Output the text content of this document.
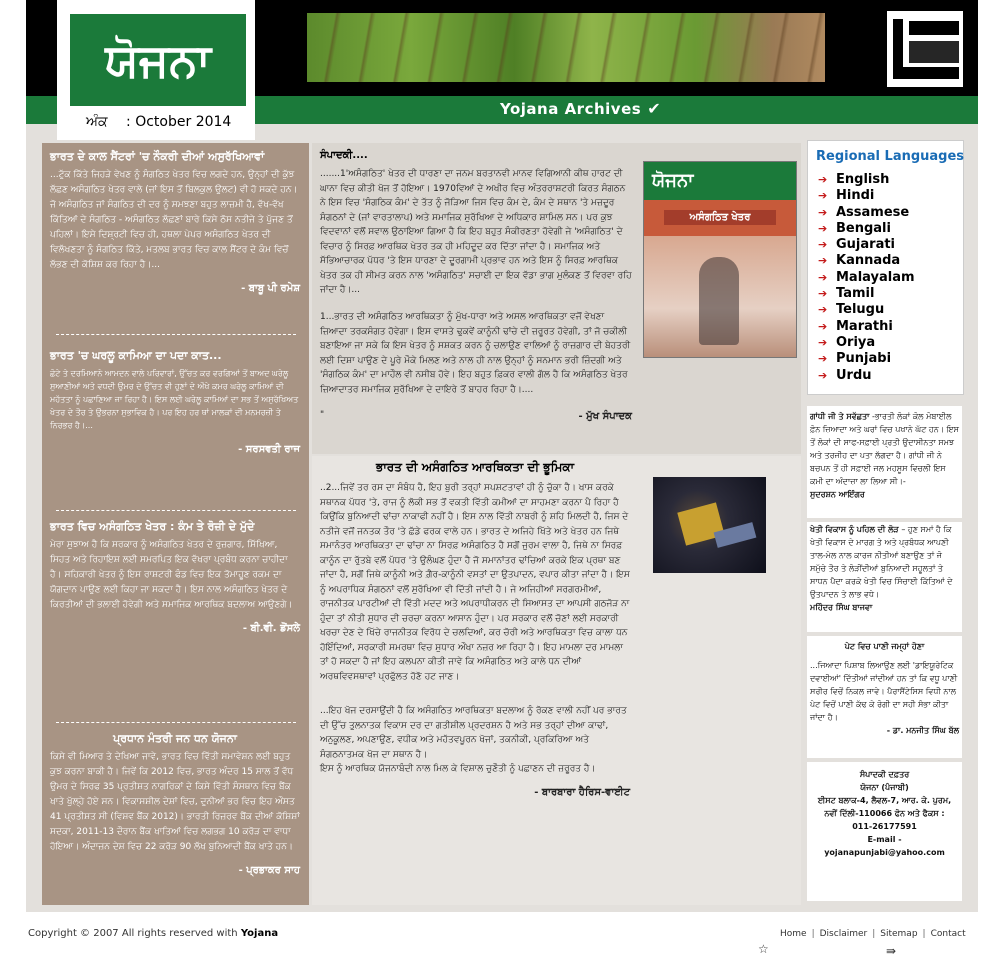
ਯੋਜਨਾ
ਅੰਕ : October 2014
Yojana Archives ✔
ਭਾਰਤ ਦੇ ਕਾਲ ਸੈਂਟਰਾਂ 'ਚ ਨੌਕਰੀ ਦੀਆਂ ਅਸੁਰੱਖਿਆਵਾਂ

...ਟੁੱਕ ਕਿੱਤੇ ਜਿਹੜੇ ਵੇਖਣ ਨੂੰ ਸੰਗਠਿਤ ਖੇਤਰ ਵਿਚ ਲਗਦੇ ਹਨ, ਉਨ੍ਹਾਂ ਦੀ ਕੁੱਝ ਲੱਛਣ ਅਸੰਗਠਿਤ ਖੇਤਰ ਵਾਲੇ (ਜਾਂ ਇਸ ਤੋਂ ਬਿਲਕੁਲ ਉਲਟ) ਵੀ ਹੋ ਸਕਦੇ ਹਨ। ਜੋ ਅਸੰਗਠਿਤ ਜਾਂ ਸੰਗਠਿਤ ਦੀ ਦਰ ਨੂੰ ਸਮਝਣਾ ਬਹੁਤ ਲਾਜ਼ਮੀ ਹੈ, ਵੱਖ-ਵੱਖ ਕਿੱਤਿਆਂ ਦੇ ਸੰਗਠਿਤ - ਅਸੰਗਠਿਤ ਲੱਛਣਾਂ ਬਾਰੇ ਕਿਸੇ ਠੋਸ ਨਤੀਜੇ ਤੇ ਪੁੱਜਣ ਤੋਂ ਪਹਿਲਾਂ। ਇਸੇ ਦਿਸ਼੍ਰਟੀ ਵਿਚ ਹੀ, ਹਥਲਾ ਪੇਪਰ ਅਸੰਗਠਿਤ ਖੇਤਰ ਦੀ ਵਿਲੱਖਣਤਾ ਨੂੰ ਸੰਗਠਿਤ ਕਿੱਤੇ, ਮਤਲਬ ਭਾਰਤ ਵਿਚ ਕਾਲ ਸੈਂਟਰ ਦੇ ਕੰਮ ਵਿਚੋਂ ਲੱਭਣ ਦੀ ਕੋਸ਼ਿਸ਼ ਕਰ ਰਿਹਾ ਹੈ।...

- ਬਾਬੂ ਪੀ ਰਮੇਸ਼
ਭਾਰਤ 'ਚ ਘਰਲੂ ਕਾਮਿਆ ਦਾ ਪਦਾ ਕਾਤ...

ਛੋਟੇ ਤੇ ਦਰਮਿਆਨੇ ਆਮਦਨ ਵਾਲੇ ਪਰਿਵਾਰਾਂ, ਉੱਚਤ ਕਰ ਵਰਗਿਆਂ ਤੋਂ ਬਾਅਦ ਘਰੇਲੂ ਸੁਆਣੀਆਂ ਅਤੇ ਵਧਦੀ ਉਮਰ ਦੇ ਉੱਚਤ ਵੀ ਹੁਣਾਂ ਦੇ ਔਖੇ ਕਮਰ ਘਰੇਲੂ ਕਾਮਿਆਂ ਦੀ ਮਹੱਤਤਾ ਨੂੰ ਪਛਾਣਿਆ ਜਾ ਰਿਹਾ ਹੈ। ਇਸ ਲਈ ਘਰੇਲੂ ਕਾਮਿਆਂ ਦਾ ਸਭ ਤੋਂ ਅਸੁਰੱਖਿਅਤ ਖੇਤਰ ਦੇ ਤੌਰ ਤੇ ਉਭਰਨਾ ਸੁਭਾਵਿਕ ਹੈ। ਪਰ ਇਹ ਹਰ ਥਾਂ ਮਾਲਕਾਂ ਦੀ ਮਨਮਰਜ਼ੀ ਤੇ ਨਿਰਭਰ ਹੈ।...

- ਸਰਸਵਤੀ ਰਾਜ
ਭਾਰਤ ਵਿਚ ਅਸੰਗਠਿਤ ਖੇਤਰ : ਕੰਮ ਤੇ ਰੋਜ਼ੀ ਦੇ ਮੁੱਦੇ

ਮੇਰਾ ਸੁਝਾਅ ਹੈ ਕਿ ਸਰਕਾਰ ਨੂੰ ਅਸੰਗਠਿਤ ਖੇਤਰ ਦੇ ਰੁਜ਼ਗਾਰ, ਸਿੱਖਿਆ, ਸਿਹਤ ਅਤੇ ਰਿਹਾਇਸ਼ ਲਈ ਸਮਰਪਿਤ ਇਕ ਵੱਖਰਾ ਪ੍ਰਬੰਧ ਕਰਨਾ ਚਾਹੀਦਾ ਹੈ। ਸਹਿਕਾਰੀ ਖੇਤਰ ਨੂੰ ਇਸ ਰਾਸ਼ਟਰੀ ਫੰਡ ਵਿਚ ਇਕ ਤੋਮਾਹੂਣ ਰਕਮ ਦਾ ਯੋਗਦਾਨ ਪਾਉਣ ਲਈ ਕਿਹਾ ਜਾ ਸਕਦਾ ਹੈ। ਇਸ ਨਾਲ ਅਸੰਗਠਿਤ ਖੇਤਰ ਦੇ ਕਿਰਤੀਆਂ ਦੀ ਭਲਾਈ ਹੋਵੇਗੀ ਅਤੇ ਸਮਾਜਿਕ ਆਰਥਿਕ ਬਦਲਾਅ ਆਉਣਗੇ।

- ਬੀ.ਵੀ. ਡੋਂਸਲੇ
ਪ੍ਰਧਾਨ ਮੰਤਰੀ ਜਨ ਧਨ ਯੋਜਨਾ

ਕਿਸੇ ਵੀ ਮਿਆਰ ਤੇ ਦੇਖਿਆ ਜਾਵੇ, ਭਾਰਤ ਵਿਚ ਵਿੱਤੀ ਸਮਾਵੇਸ਼ਨ ਲਈ ਬਹੁਤ ਕੁਝ ਕਰਨਾ ਬਾਕੀ ਹੈ। ਜਿਵੇਂ ਕਿ 2012 ਵਿਚ, ਭਾਰਤ ਅੰਦਰ 15 ਸਾਲ ਤੋਂ ਵੱਧ ਉਮਰ ਦੇ ਸਿਰਫ 35 ਪ੍ਰਤੀਸ਼ਤ ਨਾਗਰਿਕਾਂ ਦੇ ਕਿਸੇ ਵਿੱਤੀ ਸੰਸਥਾਨ ਵਿਚ ਬੈਂਕ ਖਾਤੇ ਖੁੱਲ੍ਹੇ ਹੋਏ ਸਨ। ਵਿਕਾਸਸ਼ੀਲ ਦੇਸ਼ਾਂ ਵਿਚ, ਦੁਨੀਆਂ ਭਰ ਵਿਚ ਇਹ ਔਸਤ 41 ਪ੍ਰਤੀਸ਼ਤ ਸੀ (ਵਿਸ਼ਵ ਬੈਂਕ 2012)। ਭਾਰਤੀ ਰਿਜ਼ਰਵ ਬੈਂਕ ਦੀਆਂ ਕੋਸ਼ਿਸ਼ਾਂ ਸਦਕਾ, 2011-13 ਦੌਰਾਨ ਬੈਂਕ ਖਾਤਿਆਂ ਵਿਚ ਲਗਭਗ 10 ਕਰੋੜ ਦਾ ਵਾਧਾ ਹੋਇਆ। ਅੰਦਾਜ਼ਨ ਦੇਸ਼ ਵਿਚ 22 ਕਰੋੜ 90 ਲੱਖ ਬੁਨਿਆਦੀ ਬੈਂਕ ਖਾਤੇ ਹਨ।

- ਪ੍ਰਭਾਕਰ ਸਾਹ
ਸੰਪਾਦਕੀ....

.......1'ਅਸੰਗਠਿਤ' ਖੇਤਰ ਦੀ ਧਾਰਣਾ ਦਾ ਜਨਮ ਬਰਤਾਨਵੀ ਮਾਨਵ ਵਿਗਿਆਨੀ ਕੀਥ ਹਾਰਟ ਦੀ ਘਾਨਾ ਵਿਚ ਕੀਤੀ ਖੋਜ ਤੋਂ ਹੋਇਆ। 1970ਵਿਆਂ ਦੇ ਅਖੀਰ ਵਿਚ ਅੰਤਰਰਾਸ਼ਟਰੀ ਕਿਰਤ ਸੰਗਠਨ ਨੇ ਇਸ ਵਿਚ 'ਸੰਗਠਿਕ ਕੰਮ' ਦੇ ਤੱਤ ਨੂੰ ਜੋੜਿਆ ਜਿਸ ਵਿਚ ਕੰਮ ਦੇ, ਕੰਮ ਦੇ ਸਥਾਨ 'ਤੇ ਮਜ਼ਦੂਰ ਸੰਗਠਨਾਂ ਦੇ (ਜਾਂ ਵਾਰਤਾਲਾਪ) ਅਤੇ ਸਮਾਜਿਕ ਸੁਰੱਖਿਆ ਦੇ ਅਧਿਕਾਰ ਸ਼ਾਮਿਲ ਸਨ। ਪਰ ਕੁਝ ਵਿਦਵਾਨਾਂ ਵਲੋਂ ਸਵਾਲ ਉਠਾਇਆ ਗਿਆ ਹੈ ਕਿ ਇਹ ਬਹੁਤ ਸੰਕੀਰਣਤਾ ਹੋਵੇਗੀ ਜੇ 'ਅਸੰਗਠਿਤ' ਦੇ ਵਿਚਾਰ ਨੂੰ ਸਿਰਫ਼ ਆਰਥਿਕ ਖੇਤਰ ਤਕ ਹੀ ਮਹਿਦੂਦ ਕਰ ਦਿੱਤਾ ਜਾਂਦਾ ਹੈ। ਸਮਾਜਿਕ ਅਤੇ ਸੱਭਿਆਚਾਰਕ ਪੱਧਰ 'ਤੇ ਇਸ ਧਾਰਣਾ ਦੇ ਦੂਰਗਾਮੀ ਪ੍ਰਭਾਵ ਹਨ ਅਤੇ ਇਸ ਨੂੰ ਸਿਰਫ਼ ਆਰਥਿਕ ਖੇਤਰ ਤਕ ਹੀ ਸੀਮਤ ਕਰਨ ਨਾਲ 'ਅਸੰਗਠਿਤ' ਸਚਾਈ ਦਾ ਇਕ ਵੱਡਾ ਭਾਗ ਮੁਲੰਕਣ ਤੋਂ ਵਿਰਵਾ ਰਹਿ ਜਾਂਦਾ ਹੈ।...

1...ਭਾਰਤ ਦੀ ਅਸੰਗਠਿਤ ਆਰਥਿਕਤਾ ਨੂੰ ਮੁੱਖ-ਧਾਰਾ ਅਤੇ ਅਸਲ ਆਰਥਿਕਤਾ ਵਜੋਂ ਵੇਖਣਾ ਜ਼ਿਆਦਾ ਤਰਕਸੰਗਤ ਹੋਵੇਗਾ। ਇਸ ਵਾਸਤੇ ਢੁਕਵੇਂ ਕਾਨੂੰਨੀ ਢਾਂਚੇ ਦੀ ਜ਼ਰੂਰਤ ਹੋਵੇਗੀ, ਤਾਂ ਜੋ ਚਕੀਲੀ ਬਣਾਇਆ ਜਾ ਸਕੇ ਕਿ ਇਸ ਖੇਤਰ ਨੂੰ ਸਸ਼ਕਤ ਕਰਨ ਨੂੰ ਚਲਾਉਣ ਵਾਲਿਆਂ ਨੂੰ ਰਾਜ਼ਗਾਰ ਦੀ ਬੇਹਤਰੀ ਲਈ ਦਿਸ਼ਾ ਪਾਉਣ ਦੇ ਪੂਰੇ ਮੌਕੇ ਮਿਲਣ ਅਤੇ ਨਾਲ ਹੀ ਨਾਲ ਉਨ੍ਹਾਂ ਨੂੰ ਸਨਮਾਨ ਭਰੀ ਜ਼ਿੰਦਗੀ ਅਤੇ 'ਸੰਗਠਿਕ ਕੰਮ' ਦਾ ਮਾਹੌਲ ਵੀ ਨਸੀਬ ਹੋਵੇ। ਇਹ ਬਹੁਤ ਫ਼ਿਕਰ ਵਾਲੀ ਗੱਲ ਹੈ ਕਿ ਅਸੰਗਠਿਤ ਖੇਤਰ ਜ਼ਿਆਦਾਤਰ ਸਮਾਜਿਕ ਸੁਰੱਖਿਆ ਦੇ ਦਾਇਰੇ ਤੋਂ ਬਾਹਰ ਰਿਹਾ ਹੈ।....

"	- ਮੁੱਖ ਸੰਪਾਦਕ
ਯੋਜਨਾ
ਅਸੰਗਠਿਤ ਖੇਤਰ
ਭਾਰਤ ਦੀ ਅਸੰਗਠਿਤ ਆਰਥਿਕਤਾ ਦੀ ਭੂਮਿਕਾ

..2...ਜਿਵੇਂ ਤਰ ਰਸ ਦਾ ਸੰਬੰਧ ਹੈ, ਇਹ ਬੁਰੀ ਤਰ੍ਹਾਂ ਸਪਸ਼ਟਤਾਵਾਂ ਹੀ ਨੂੰ ਚੁੱਕਾ ਹੈ। ਖਾਸ ਕਰਕੇ ਸਥਾਨਕ ਪੱਧਰ 'ਤੇ, ਰਾਜ ਨੂੰ ਲੋਕੀ ਸਭ ਤੋਂ ਵਕਤੀ ਵਿੱਤੀ ਕਮੀਆਂ ਦਾ ਸਾਹਮਣਾ ਕਰਨਾ ਪੈ ਰਿਹਾ ਹੈ ਕਿਉਂਕਿ ਬੁਨਿਆਦੀ ਢਾਂਚਾ ਨਾਕਾਫੀ ਨਹੀਂ ਹੈ। ਇਸ ਨਾਲ ਵਿੱਤੀ ਨਾਬਰੀ ਨੂੰ ਸ਼ਹਿ ਮਿਲਦੀ ਹੈ, ਜਿਸ ਦੇ ਨਤੀਜੇ ਵਜੋਂ ਜਨਤਕ ਤੌਰ 'ਤੇ ਛੱਡੇ ਫਰਕ ਵਾਲੇ ਹਨ। ਭਾਰਤ ਦੇ ਅਜਿਹੇ ਖਿੱਤੇ ਅਤੇ ਖੇਤਰ ਹਨ ਜਿਥੇ ਸਮਾਨੰਤਰ ਆਰਥਿਕਤਾ ਦਾ ਢਾਂਚਾ ਨਾ ਸਿਰਫ਼ ਅਸੰਗਠਿਤ ਹੈ ਸਗੋਂ ਜੁਰਮ ਵਾਲਾ ਹੈ, ਜਿਥੇ ਨਾ ਸਿਰਫ਼ ਕਾਨੂੰਨ ਦਾ ਰੁੱਤਬੇ ਵਲੋਂ ਪੱਧਰ 'ਤੇ ਉਲੰਘਣ ਹੁੰਦਾ ਹੈ ਜੋ ਸਮਾਨਾਂਤਰ ਢਾਂਚਿਆਂ ਕਰਕੇ ਇਕ ਪ੍ਰਥਾ ਬਣ ਜਾਂਦਾ ਹੈ, ਸਗੋਂ ਜਿਥੇ ਕਾਨੂੰਨੀ ਅਤੇ ਗ਼ੈਰ-ਕਾਨੂੰਨੀ ਵਸਤਾਂ ਦਾ ਉਤਪਾਦਨ, ਵਪਾਰ ਕੀਤਾ ਜਾਂਦਾ ਹੈ। ਇਸ ਨੂੰ ਅਪਰਾਧਿਕ ਸੰਗਠਨਾਂ ਵਲੋਂ ਸੁਰੱਖਿਆ ਵੀ ਦਿੱਤੀ ਜਾਂਦੀ ਹੈ। ਜੇ ਅਜਿਹੀਆਂ ਸਰਗਰਮੀਆਂ, ਰਾਜਨੀਤਕ ਪਾਰਟੀਆਂ ਦੀ ਵਿੱਤੀ ਮਦਦ ਅਤੇ ਅਪਰਾਧੀਕਰਨ ਦੀ ਸਿਆਸਤ ਦਾ ਆਪਸੀ ਗਠਜੋੜ ਨਾ ਹੁੰਦਾ ਤਾਂ ਨੀਤੀ ਸੁਧਾਰ ਦੀ ਚਰਚਾ ਕਰਨਾ ਆਸਾਨ ਹੁੰਦਾ। ਪਰ ਸਰਕਾਰ ਵਲੋਂ ਚੋਣਾਂ ਲਈ ਸਰਕਾਰੀ ਖਰਚਾ ਦੇਣ ਦੇ ਖਿੱਚੇ ਰਾਜਨੀਤਕ ਵਿਰੋਧ ਦੇ ਚਲਦਿਆਂ, ਕਰ ਚੋਰੀ ਅਤੇ ਆਰਥਿਕਤਾ ਵਿਚ ਕਾਲਾ ਧਨ ਹੋਇੰਦਿਆਂ, ਸਰਕਾਰੀ ਸਮਰਥਾ ਵਿਚ ਸੁਧਾਰ ਔਖਾ ਨਜ਼ਰ ਆ ਰਿਹਾ ਹੈ। ਇਹ ਮਾਮਲਾ ਦਰ ਮਾਮਲਾ ਤਾਂ ਹੋ ਸਕਦਾ ਹੈ ਜਾਂ ਇਹ ਕਲਪਨਾ ਕੀਤੀ ਜਾਵੇ ਕਿ ਅਸੰਗਠਿਤ ਅਤੇ ਕਾਲੇ ਧਨ ਦੀਆਂ ਅਰਥਵਿਵਸਥਾਵਾਂ ਪ੍ਰਫੁੱਲਤ ਹੋਣੋ ਹਟ ਜਾਣ।

...ਇਹ ਖੋਜ ਦਰਸਾਉਂਦੀ ਹੈ ਕਿ ਅਸੰਗਠਿਤ ਆਰਥਿਕਤਾ ਬਦਲਾਅ ਨੂੰ ਰੋਕਣ ਵਾਲੀ ਨਹੀਂ ਪਰ ਭਾਰਤ ਦੀ ਉੱਚ ਤੁਲਨਾਤਕ ਵਿਕਾਸ ਦਰ ਦਾ ਗਤੀਸ਼ੀਲ ਪ੍ਰਦਰਸ਼ਨ ਹੈ ਅਤੇ ਸਭ ਤਰ੍ਹਾਂ ਦੀਆ ਕਾਢਾਂ, ਅਨੁਕੂਲਣ, ਅਪਣਾਉਣ, ਵਧੀਕ ਅਤੇ ਮਹੱਤਵਪੂਰਨ ਖੋਜਾਂ, ਤਕਨੀਕੀ, ਪ੍ਰਕਿਰਿਆ ਅਤੇ ਸੰਗਠਨਾਤਮਕ ਖੋਜ ਦਾ ਸਥਾਨ ਹੈ।

ਇਸ ਨੂੰ ਆਰਥਿਕ ਯੋਜਨਾਬੰਦੀ ਨਾਲ ਮਿਲ ਕੇ ਵਿਸ਼ਾਲ ਚੁਣੌਤੀ ਨੂੰ ਪਛਾਣਨ ਦੀ ਜ਼ਰੂਰਤ ਹੈ।

- ਬਾਰਬਾਰਾ ਹੈਰਿਸ-ਵਾਈਟ
Regional Languages
➔ English
➔ Hindi
➔ Assamese
➔ Bengali
➔ Gujarati
➔ Kannada
➔ Malayalam
➔ Tamil
➔ Telugu
➔ Marathi
➔ Oriya
➔ Punjabi
➔ Urdu

ਗਾਂਧੀ ਜੀ ਤੇ ਸਵੱਛਤਾ -ਭਾਰਤੀ ਲੋਕਾਂ ਕੋਲ ਮੋਬਾਈਲ ਫ਼ੋਨ ਜ਼ਿਆਦਾ ਅਤੇ ਘਰਾਂ ਵਿਚ ਪਖਾਨੇ ਘੱਟ ਹਨ। ਇਸ ਤੋਂ ਲੋਕਾਂ ਦੀ ਸਾਫ-ਸਫ਼ਾਈ ਪ੍ਰਤੀ ਉਦਾਸੀਨਤਾ ਸਮਝ ਅਤੇ ਤਰਜੀਹ ਦਾ ਪਤਾ ਲੱਗਦਾ ਹੈ। ਗਾਂਧੀ ਜੀ ਨੇ ਬਚਪਨ ਤੋਂ ਹੀ ਸਫ਼ਾਈ ਜਲ ਮਹਸੂਸ ਵਿਚਲੀ ਇਸ ਕਮੀ ਦਾ ਅੰਦਾਜ਼ਾ ਲਾ ਲਿਆ ਸੀ।-

ਸੁਦਰਸ਼ਨ ਆਇੰਗਰ

ਖੇਤੀ ਵਿਕਾਸ ਨੂੰ ਪਹਿਲ ਦੀ ਲੋੜ – ਹੁਣ ਸਮਾਂ ਹੈ ਕਿ ਖੇਤੀ ਵਿਕਾਸ ਦੇ ਮਾਰਗ ਤੇ ਅਤੇ ਪ੍ਰਬੰਧਕ ਆਪਣੀ ਤਾਲ-ਮੇਲ ਨਾਲ ਕਾਰਜ ਨੀਤੀਆਂ ਬਣਾਉਣ ਤਾਂ ਜੋ ਸਮੁੱਚੇ ਤੌਰ ਤੇ ਲੋੜੀਂਦੀਆਂ ਬੁਨਿਆਦੀ ਸਹੂਲਤਾਂ ਤੇ ਸਾਧਨ ਪੈਦਾ ਕਰਕੇ ਖੇਤੀ ਵਿਚ ਸਿੰਚਾਈ ਕਿੱਤਿਆਂ ਦੇ ਉਤਪਾਦਨ ਤੇ ਲਾਭ ਵਧੇ।

ਮਹਿੰਦਰ ਸਿੰਘ ਬਾਜਵਾ

ਪੇਟ ਵਿਚ ਪਾਣੀ ਜਮ੍ਹਾਂ ਹੋਣਾ

...ਜਿਆਦਾ ਪਿਸ਼ਾਬ ਲਿਆਉਣ ਲਈ 'ਡਾਇਯੂਰੇਟਿਕ ਦਵਾਈਆਂ' ਦਿੱਤੀਆਂ ਜਾਂਦੀਆਂ ਹਨ ਤਾਂ ਕਿ ਵਧੂ ਪਾਣੀ ਸਰੀਰ ਵਿਚੋਂ ਨਿਕਲ ਜਾਵੇ। ਪੈਰਾਸੈਂਟੇਸਿਸ ਵਿਧੀ ਨਾਲ ਪੇਟ ਵਿਚੋਂ ਪਾਣੀ ਕੱਢ ਕੇ ਰੋਗੀ ਦਾ ਸਹੀ ਸੰਭਾ ਕੀਤਾ ਜਾਂਦਾ ਹੈ।

- ਡਾ. ਮਨਜੀਤ ਸਿੰਘ ਬੱਲ

ਸੰਪਾਦਕੀ ਦਫ਼ਤਰ

ਯੋਜਨਾ (ਪੰਜਾਬੀ)

ਈਸਟ ਬਲਾਕ-4, ਲੈਵਲ-7, ਆਰ. ਕੇ. ਪੁਰਮ,

ਨਵੀਂ ਦਿੱਲੀ-110066 ਫੋਨ ਅਤੇ ਫੈਕਸ :

011-26177591

E-mail - yojanapunjabi@yahoo.com

Copyright © 2007 All rights reserved with Yojana	Home | Disclaimer | Sitemap | Contact
☆	⇛
